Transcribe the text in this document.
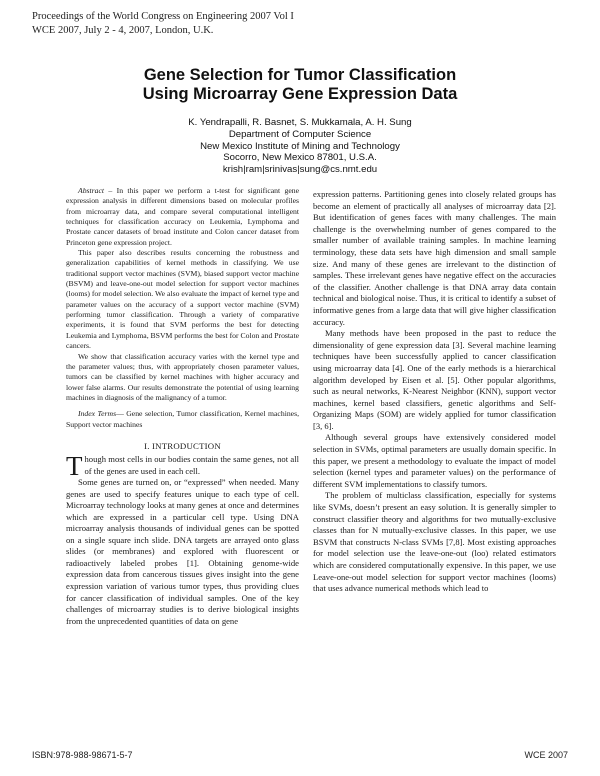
Proceedings of the World Congress on Engineering 2007 Vol I
WCE 2007, July 2 - 4, 2007, London, U.K.
Gene Selection for Tumor Classification
Using Microarray Gene Expression Data
K. Yendrapalli, R. Basnet, S. Mukkamala, A. H. Sung
Department of Computer Science
New Mexico Institute of Mining and Technology
Socorro, New Mexico 87801, U.S.A.
krish|ram|srinivas|sung@cs.nmt.edu

Abstract – In this paper we perform a t-test for significant gene expression analysis in different dimensions based on molecular profiles from microarray data, and compare several computational intelligent techniques for classification accuracy on Leukemia, Lymphoma and Prostate cancer datasets of broad institute and Colon cancer dataset from Princeton gene expression project.

This paper also describes results concerning the robustness and generalization capabilities of kernel methods in classifying. We use traditional support vector machines (SVM), biased support vector machine (BSVM) and leave-one-out model selection for support vector machines (looms) for model selection. We also evaluate the impact of kernel type and parameter values on the accuracy of a support vector machine (SVM) performing tumor classification. Through a variety of comparative experiments, it is found that SVM performs the best for detecting Leukemia and Lymphoma, BSVM performs the best for Colon and Prostate cancers.

We show that classification accuracy varies with the kernel type and the parameter values; thus, with appropriately chosen parameter values, tumors can be classified by kernel machines with higher accuracy and lower false alarms. Our results demonstrate the potential of using learning machines in diagnosis of the malignancy of a tumor.

Index Terms— Gene selection, Tumor classification, Kernel machines, Support vector machines

I. INTRODUCTION

Though most cells in our bodies contain the same genes, not all of the genes are used in each cell.

Some genes are turned on, or “expressed” when needed. Many genes are used to specify features unique to each type of cell. Microarray technology looks at many genes at once and determines which are expressed in a particular cell type. Using DNA microarray analysis thousands of individual genes can be spotted on a single square inch slide. DNA targets are arrayed onto glass slides (or membranes) and explored with fluorescent or radioactively labeled probes [1]. Obtaining genome-wide expression data from cancerous tissues gives insight into the gene expression variation of various tumor types, thus providing clues for cancer classification of individual samples. One of the key challenges of microarray studies is to derive biological insights from the unprecedented quantities of data on gene

expression patterns. Partitioning genes into closely related groups has become an element of practically all analyses of microarray data [2]. But identification of genes faces with many challenges. The main challenge is the overwhelming number of genes compared to the smaller number of available training samples. In machine learning terminology, these data sets have high dimension and small sample size. And many of these genes are irrelevant to the distinction of samples. These irrelevant genes have negative effect on the accuracies of the classifier. Another challenge is that DNA array data contain technical and biological noise. Thus, it is critical to identify a subset of informative genes from a large data that will give higher classification accuracy.

Many methods have been proposed in the past to reduce the dimensionality of gene expression data [3]. Several machine learning techniques have been successfully applied to cancer classification using microarray data [4]. One of the early methods is a hierarchical algorithm developed by Eisen et al. [5]. Other popular algorithms, such as neural networks, K-Nearest Neighbor (KNN), support vector machines, kernel based classifiers, genetic algorithms and Self-Organizing Maps (SOM) are widely applied for tumor classification [3, 6].

Although several groups have extensively considered model selection in SVMs, optimal parameters are usually domain specific. In this paper, we present a methodology to evaluate the impact of model selection (kernel types and parameter values) on the performance of different SVM implementations to classify tumors.

The problem of multiclass classification, especially for systems like SVMs, doesn’t present an easy solution. It is generally simpler to construct classifier theory and algorithms for two mutually-exclusive classes than for N mutually-exclusive classes. In this paper, we use BSVM that constructs N-class SVMs [7,8]. Most existing approaches for model selection use the leave-one-out (loo) related estimators which are considered computationally expensive. In this paper, we use Leave-one-out model selection for support vector machines (looms) that uses advance numerical methods which lead to

ISBN:978-988-98671-5-7	WCE 2007
